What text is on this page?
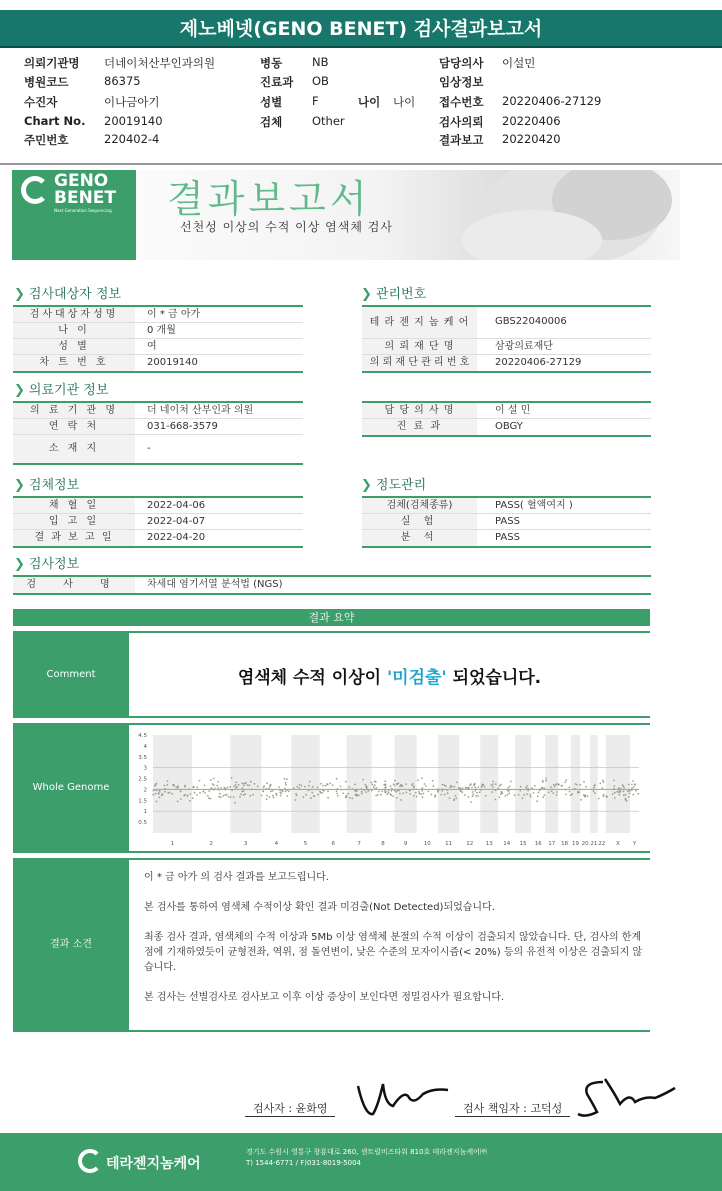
제노베넷(GENO BENET) 검사결과보고서
의뢰기관명 더네이처산부인과의원
병원코드	86375
수진자	이나금아기
Chart No. 20019140
주민번호	220402-4
병동	NB
진료과 OB
성별	F	나이 나이
검체	Other
담당의사 이설민
임상정보
접수번호 20220406-27129
검사의뢰 20220406
결과보고 20220420
GENO
BENET
Next Generation Sequencing 결과보고서
선천성 이상의 수적 이상 염색체 검사
❯ 검사대상자 정보	❯ 관리번호
❯ 의료기관 정보
❯ 검체정보	❯ 정도관리
❯ 검사정보
검사대상자성명	이 * 금 아가
나 이	0 개월
성 별	여
차 트 번 호	20019140
테 라 젠 지 놈 케 어	GBS22040006
의 뢰 재 단 명	삼광의료재단
의 뢰 재 단 관 리 번 호	20220406-27129
의 료 기 관 명	더 네이처 산부인과 의원
연 락 처	031-668-3579
소 재 지	-
담 당 의 사 명	이 설 민
진 료 과	OBGY
채 혈 일	2022-04-06
입 고 일	2022-04-07
결 과 보 고 일	2022-04-20
검체(검체종류)	PASS( 혈액여지 )
실 험	PASS
분 석	PASS
검 사 명	차세대 염기서열 분석법 (NGS)
결과 요약
Comment	염색체 수적 이상이 '미검출' 되었습니다.
Whole Genome
4.5
4
3.5
3
2.5
2
1.5
1
0.5
1	2	3	4	5	6	7	8	9	10	11	12 13 14 15 16 17 18 19 20 21 22 X Y
결과 소견

이 * 금 아가 의 검사 결과를 보고드립니다.

본 검사를 통하여 염색체 수적이상 확인 결과 미검출(Not Detected)되었습니다.

최종 검사 결과, 염색체의 수적 이상과 5Mb 이상 염색체 분절의 수적 이상이 검출되지 않았습니다. 단, 검사의 한계점에 기재하였듯이 균형전좌, 역위, 점 돌연변이, 낮은 수준의 모자이시즘(< 20%) 등의 유전적 이상은 검출되지 않습니다.

본 검사는 선별검사로 검사보고 이후 이상 증상이 보인다면 정밀검사가 필요합니다.

검사자 : 윤화영	검사 책임자 : 고덕성
테라젠지놈케어
경기도 수원시 영통구 창룡대로 260, 센트럴비즈타워 810호 테라젠지놈케어㈜
T) 1544-6771 / F)031-8019-5004
